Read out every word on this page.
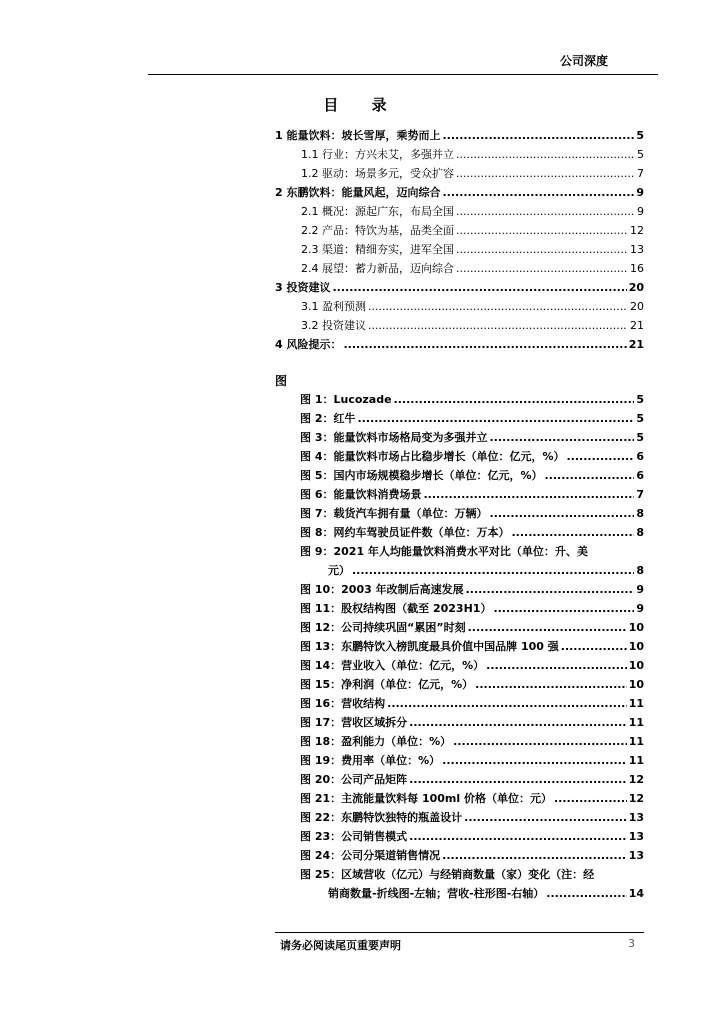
公司深度
目 录
1 能量饮料：坡长雪厚，乘势而上 .....	5
1.1 行业：方兴未艾，多强并立 .....	5
1.2 驱动：场景多元，受众扩容 .....	7
2 东鹏饮料：能量风起，迈向综合 .....	9
2.1 概况：源起广东，布局全国 .....	9
2.2 产品：特饮为基，品类全面 .....	12
2.3 渠道：精细夯实，进军全国 .....	13
2.4 展望：蓄力新品，迈向综合 .....	16
3 投资建议 .....	20
3.1 盈利预测 .....	20
3.2 投资建议 .....	21
4 风险提示： .....	21
图
图 1：Lucozade .....	5
图 2：红牛 .....	5
图 3：能量饮料市场格局变为多强并立 .....	5
图 4：能量饮料市场占比稳步增长（单位：亿元，%） .....	6
图 5：国内市场规模稳步增长（单位：亿元，%） .....	6
图 6：能量饮料消费场景 .....	7
图 7：载货汽车拥有量（单位：万辆） .....	8
图 8：网约车驾驶员证件数（单位：万本） .....	8
图 9：2021 年人均能量饮料消费水平对比（单位：升、美
元） .....	8
图 10：2003 年改制后高速发展 .....	9
图 11：股权结构图（截至 2023H1） .....	9
图 12：公司持续巩固“累困”时刻 .....	10
图 13：东鹏特饮入榜凯度最具价值中国品牌 100 强 .....	10
图 14：营业收入（单位：亿元，%） .....	10
图 15：净利润（单位：亿元，%） .....	10
图 16：营收结构 .....	11
图 17：营收区域拆分 .....	11
图 18：盈利能力（单位：%） .....	11
图 19：费用率（单位：%） .....	11
图 20：公司产品矩阵 .....	12
图 21：主流能量饮料每 100ml 价格（单位：元） .....	12
图 22：东鹏特饮独特的瓶盖设计 .....	13
图 23：公司销售模式 .....	13
图 24：公司分渠道销售情况 .....	13
图 25：区域营收（亿元）与经销商数量（家）变化（注：经
销商数量-折线图-左轴；营收-柱形图-右轴） .....	14
请务必阅读尾页重要声明	3
